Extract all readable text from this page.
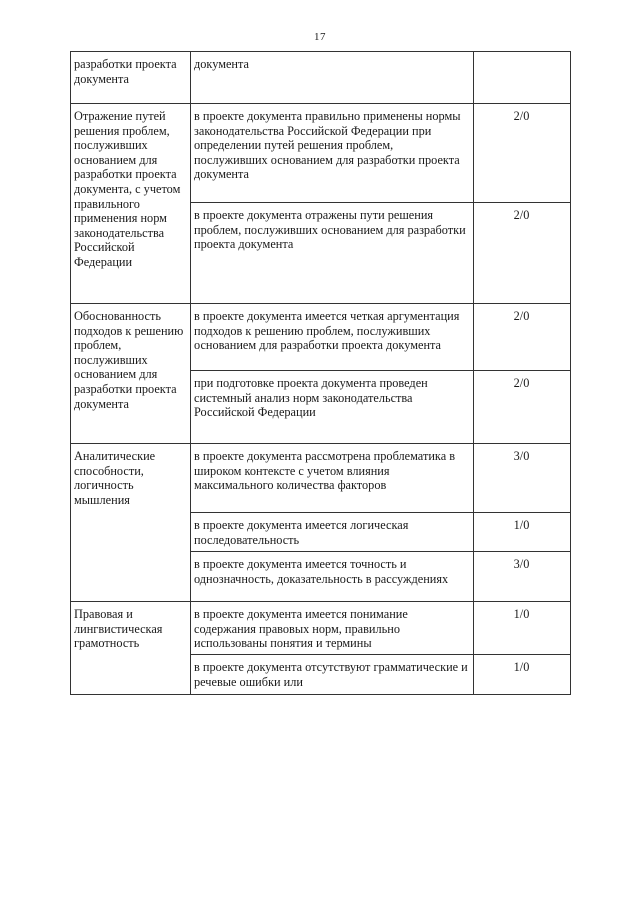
17
разработки проекта документа	документа	
Отражение путей решения проблем, послуживших основанием для разработки проекта документа, с учетом правильного применения норм законодательства Российской Федерации	в проекте документа правильно применены нормы законодательства Российской Федерации при определении путей решения проблем, послуживших основанием для разработки проекта документа	2/0
	в проекте документа отражены пути решения проблем, послуживших основанием для разработки проекта документа	2/0
Обоснованность подходов к решению проблем, послуживших основанием для разработки проекта документа	в проекте документа имеется четкая аргументация подходов к решению проблем, послуживших основанием для разработки проекта документа	2/0
	при подготовке проекта документа проведен системный анализ норм законодательства Российской Федерации	2/0
Аналитические способности, логичность мышления	в проекте документа рассмотрена проблематика в широком контексте с учетом влияния максимального количества факторов	3/0
	в проекте документа имеется логическая последовательность	1/0
	в проекте документа имеется точность и однозначность, доказательность в рассуждениях	3/0
Правовая и лингвистическая грамотность	в проекте документа имеется понимание содержания правовых норм, правильно использованы понятия и термины	1/0
	в проекте документа отсутствуют грамматические и речевые ошибки или	1/0
